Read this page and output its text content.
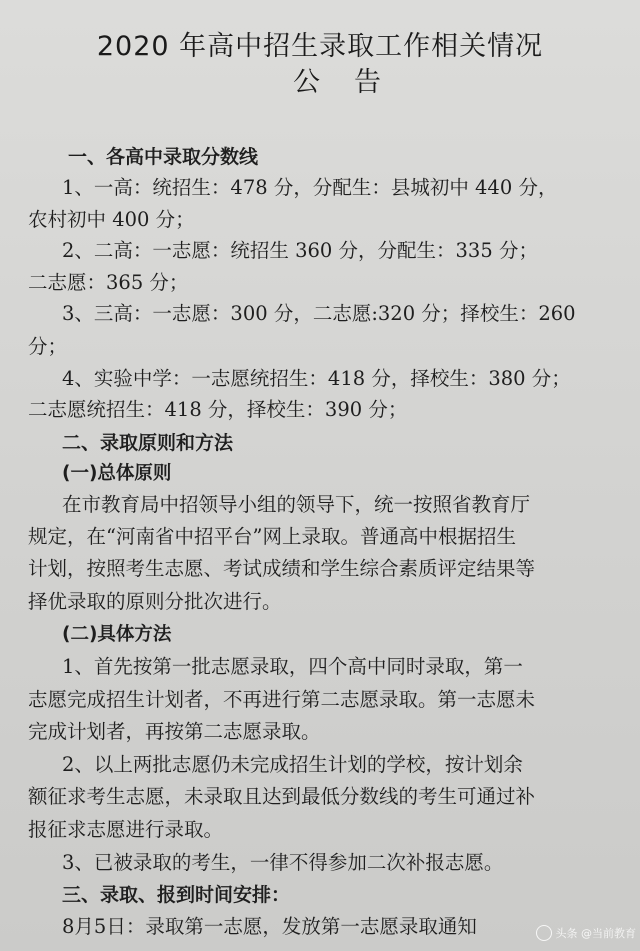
2020 年高中招生录取工作相关情况
公告
一、各高中录取分数线
1、一高：统招生：478 分，分配生：县城初中 440 分，
农村初中 400 分；
2、二高：一志愿：统招生 360 分，分配生：335 分；
二志愿：365 分；
3、三高：一志愿：300 分，二志愿:320 分；择校生：260
分；
4、实验中学：一志愿统招生：418 分，择校生：380 分；
二志愿统招生：418 分，择校生：390 分；
二、录取原则和方法
(一)总体原则
在市教育局中招领导小组的领导下，统一按照省教育厅
规定，在“河南省中招平台”网上录取。普通高中根据招生
计划，按照考生志愿、考试成绩和学生综合素质评定结果等
择优录取的原则分批次进行。
(二)具体方法
1、首先按第一批志愿录取，四个高中同时录取，第一
志愿完成招生计划者，不再进行第二志愿录取。第一志愿未
完成计划者，再按第二志愿录取。
2、以上两批志愿仍未完成招生计划的学校，按计划余
额征求考生志愿，未录取且达到最低分数线的考生可通过补
报征求志愿进行录取。
3、已被录取的考生，一律不得参加二次补报志愿。
三、录取、报到时间安排：
8月5日：录取第一志愿，发放第一志愿录取通知	头条 @当前教育
